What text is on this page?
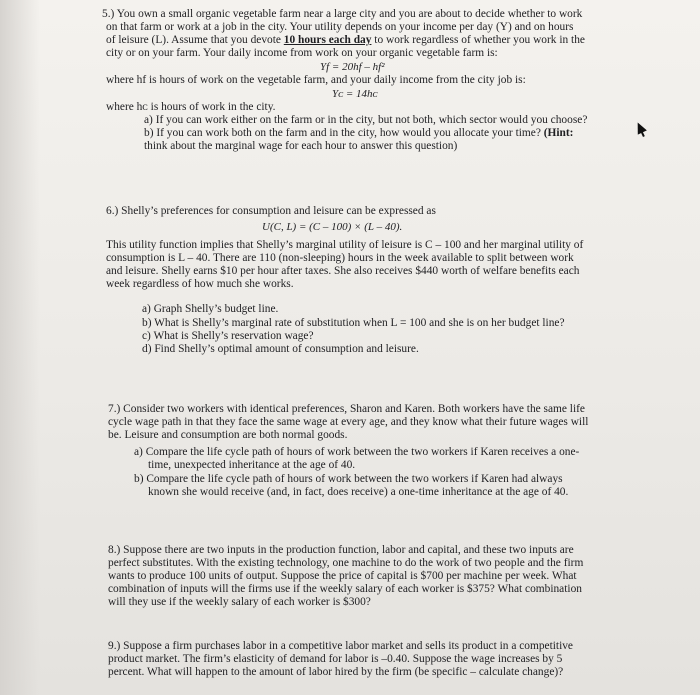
5.) You own a small organic vegetable farm near a large city and you are about to decide whether to work
on that farm or work at a job in the city. Your utility depends on your income per day (Y) and on hours
of leisure (L). Assume that you devote 10 hours each day to work regardless of whether you work in the
city or on your farm. Your daily income from work on your organic vegetable farm is:
Yf = 20hf – hf²
where hf is hours of work on the vegetable farm, and your daily income from the city job is:
Yᴄ = 14hᴄ
where hᴄ is hours of work in the city.
a) If you can work either on the farm or in the city, but not both, which sector would you choose?
b) If you can work both on the farm and in the city, how would you allocate your time? (Hint:
think about the marginal wage for each hour to answer this question)
6.) Shelly’s preferences for consumption and leisure can be expressed as
U(C, L) = (C – 100) × (L – 40).
This utility function implies that Shelly’s marginal utility of leisure is C – 100 and her marginal utility of
consumption is L – 40. There are 110 (non-sleeping) hours in the week available to split between work
and leisure. Shelly earns $10 per hour after taxes. She also receives $440 worth of welfare benefits each
week regardless of how much she works.
a) Graph Shelly’s budget line.
b) What is Shelly’s marginal rate of substitution when L = 100 and she is on her budget line?
c) What is Shelly’s reservation wage?
d) Find Shelly’s optimal amount of consumption and leisure.
7.) Consider two workers with identical preferences, Sharon and Karen. Both workers have the same life
cycle wage path in that they face the same wage at every age, and they know what their future wages will
be. Leisure and consumption are both normal goods.
a) Compare the life cycle path of hours of work between the two workers if Karen receives a one-
time, unexpected inheritance at the age of 40.
b) Compare the life cycle path of hours of work between the two workers if Karen had always
known she would receive (and, in fact, does receive) a one-time inheritance at the age of 40.
8.) Suppose there are two inputs in the production function, labor and capital, and these two inputs are
perfect substitutes. With the existing technology, one machine to do the work of two people and the firm
wants to produce 100 units of output. Suppose the price of capital is $700 per machine per week. What
combination of inputs will the firms use if the weekly salary of each worker is $375? What combination
will they use if the weekly salary of each worker is $300?
9.) Suppose a firm purchases labor in a competitive labor market and sells its product in a competitive
product market. The firm’s elasticity of demand for labor is –0.40. Suppose the wage increases by 5
percent. What will happen to the amount of labor hired by the firm (be specific – calculate change)?
